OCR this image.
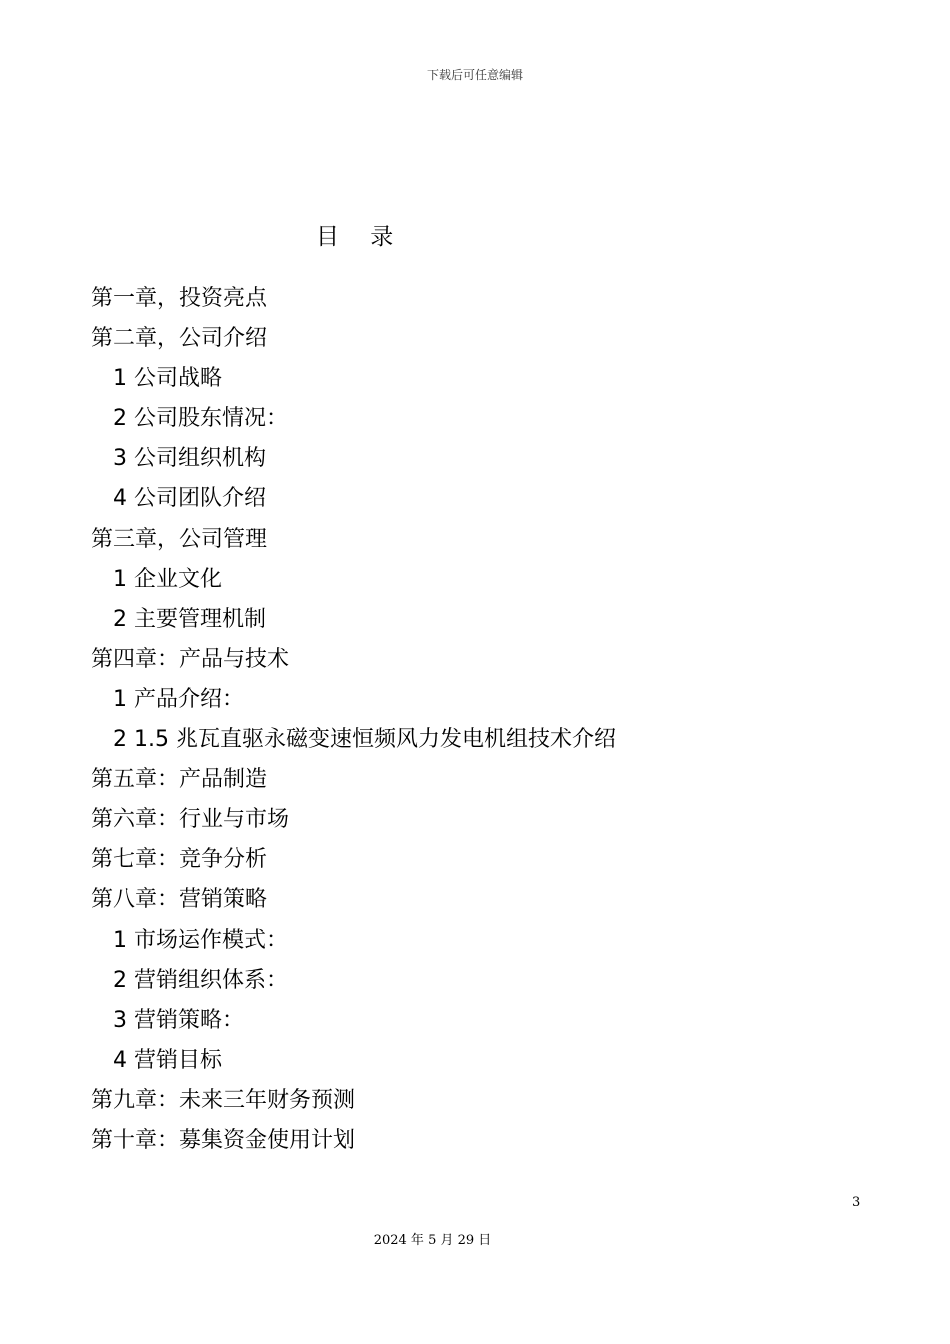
下载后可任意编辑
目 录
第一章，投资亮点
第二章，公司介绍
1 公司战略
2 公司股东情况：
3 公司组织机构
4 公司团队介绍
第三章，公司管理
1 企业文化
2 主要管理机制
第四章：产品与技术
1 产品介绍：
2 1.5 兆瓦直驱永磁变速恒频风力发电机组技术介绍
第五章：产品制造
第六章：行业与市场
第七章：竞争分析
第八章：营销策略
1 市场运作模式：
2 营销组织体系：
3 营销策略：
4 营销目标
第九章：未来三年财务预测
第十章：募集资金使用计划
3
2024 年 5 月 29 日
